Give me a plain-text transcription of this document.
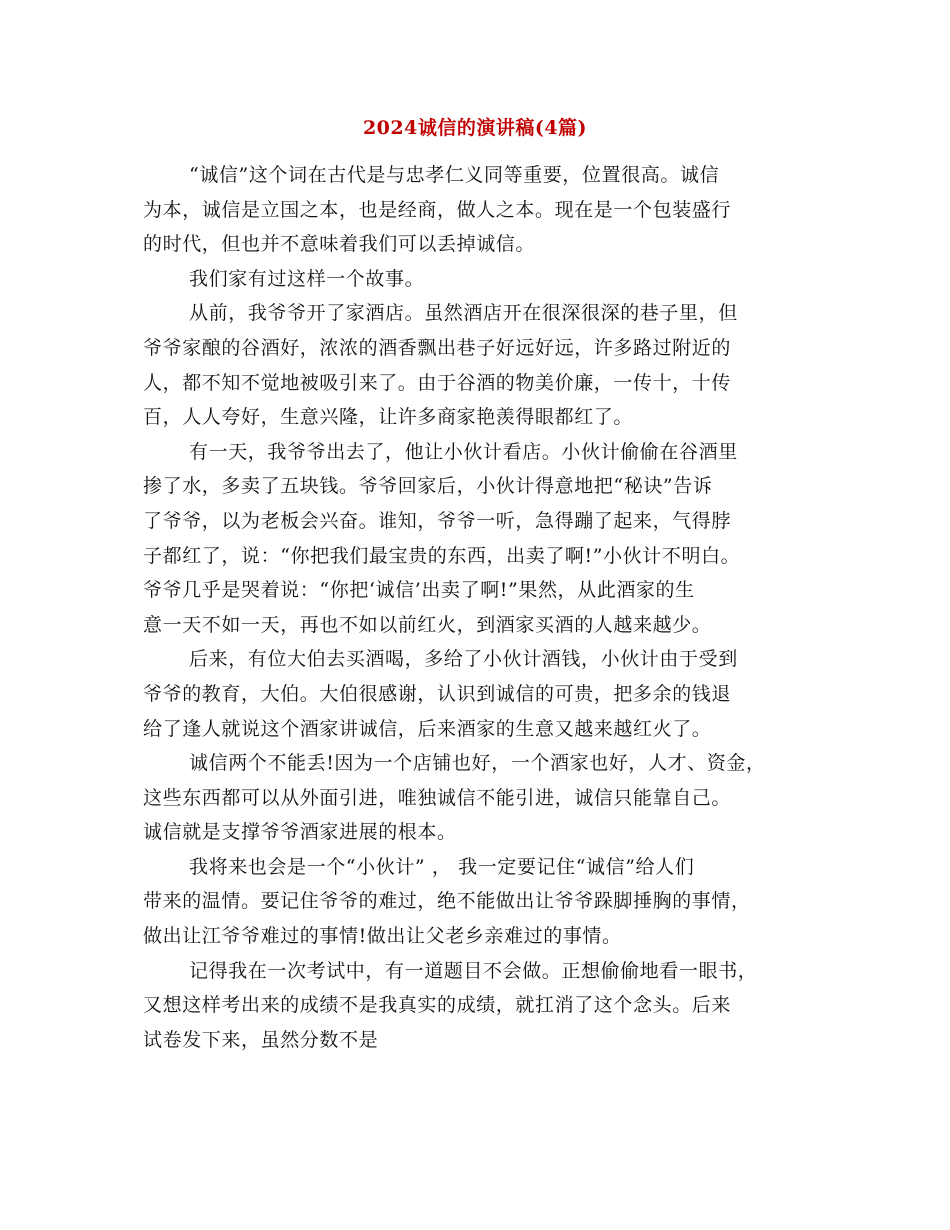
2024诚信的演讲稿(4篇)
“诚信”这个词在古代是与忠孝仁义同等重要，位置很高。诚信
为本，诚信是立国之本，也是经商，做人之本。现在是一个包装盛行
的时代，但也并不意味着我们可以丢掉诚信。
我们家有过这样一个故事。
从前，我爷爷开了家酒店。虽然酒店开在很深很深的巷子里，但
爷爷家酿的谷酒好，浓浓的酒香飘出巷子好远好远，许多路过附近的
人，都不知不觉地被吸引来了。由于谷酒的物美价廉，一传十，十传
百，人人夸好，生意兴隆，让许多商家艳羡得眼都红了。
有一天，我爷爷出去了，他让小伙计看店。小伙计偷偷在谷酒里
掺了水，多卖了五块钱。爷爷回家后，小伙计得意地把“秘诀”告诉
了爷爷，以为老板会兴奋。谁知，爷爷一听，急得蹦了起来，气得脖
子都红了，说：“你把我们最宝贵的东西，出卖了啊!”小伙计不明白。
爷爷几乎是哭着说：“你把‘诚信’出卖了啊!”果然，从此酒家的生
意一天不如一天，再也不如以前红火，到酒家买酒的人越来越少。
后来，有位大伯去买酒喝，多给了小伙计酒钱，小伙计由于受到
爷爷的教育，大伯。大伯很感谢，认识到诚信的可贵，把多余的钱退
给了逢人就说这个酒家讲诚信，后来酒家的生意又越来越红火了。
诚信两个不能丢!因为一个店铺也好，一个酒家也好，人才、资金，
这些东西都可以从外面引进，唯独诚信不能引进，诚信只能靠自己。
诚信就是支撑爷爷酒家进展的根本。
我将来也会是一个“小伙计” ， 我一定要记住“诚信”给人们
带来的温情。要记住爷爷的难过，绝不能做出让爷爷跺脚捶胸的事情，
做出让江爷爷难过的事情!做出让父老乡亲难过的事情。
记得我在一次考试中，有一道题目不会做。正想偷偷地看一眼书，
又想这样考出来的成绩不是我真实的成绩，就扛消了这个念头。后来
试卷发下来，虽然分数不是
